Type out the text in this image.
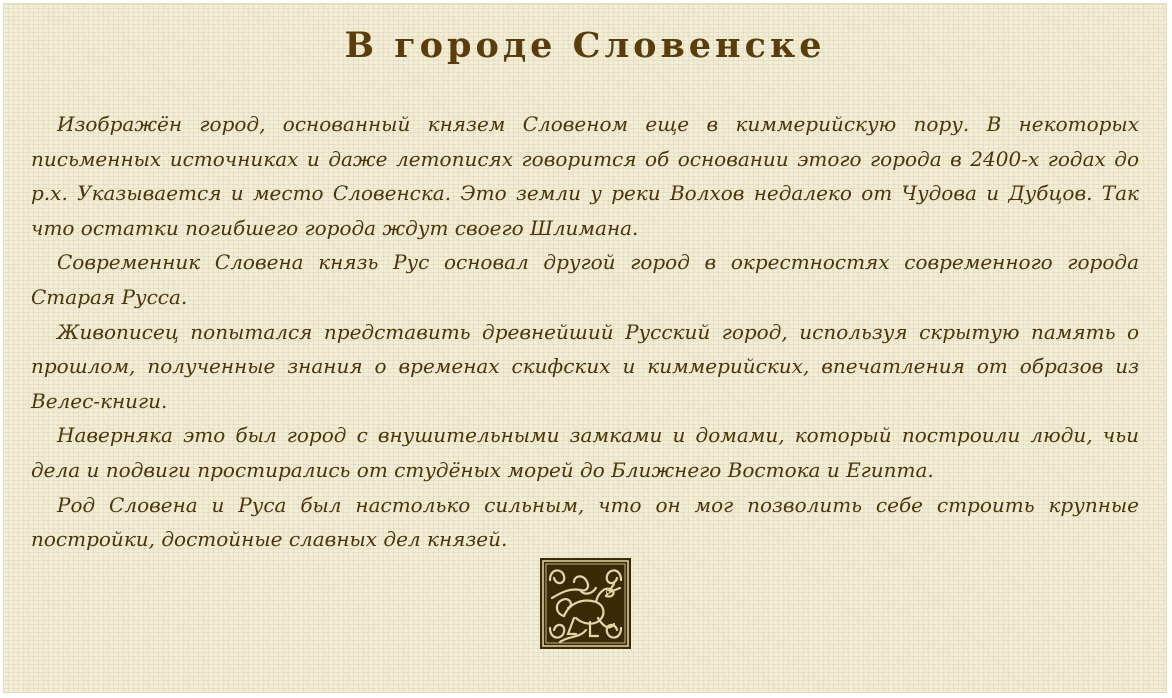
В городе Словенске

Изображён город, основанный князем Словеном еще в киммерийскую пору. В некоторых письменных источниках и даже летописях говорится об основании этого города в 2400-х годах до р.х. Указывается и место Словенска. Это земли у реки Волхов недалеко от Чудова и Дубцов. Так что остатки погибшего города ждут своего Шлимана.

Современник Словена князь Рус основал другой город в окрестностях современного города Старая Русса.

Живописец попытался представить древнейший Русский город, используя скрытую память о прошлом, полученные знания о временах скифских и киммерийских, впечатления от образов из Велес-книги.

Наверняка это был город с внушительными замками и домами, который построили люди, чьи дела и подвиги простирались от студёных морей до Ближнего Востока и Египта.

Род Словена и Руса был настолько сильным, что он мог позволить себе строить крупные постройки, достойные славных дел князей.
